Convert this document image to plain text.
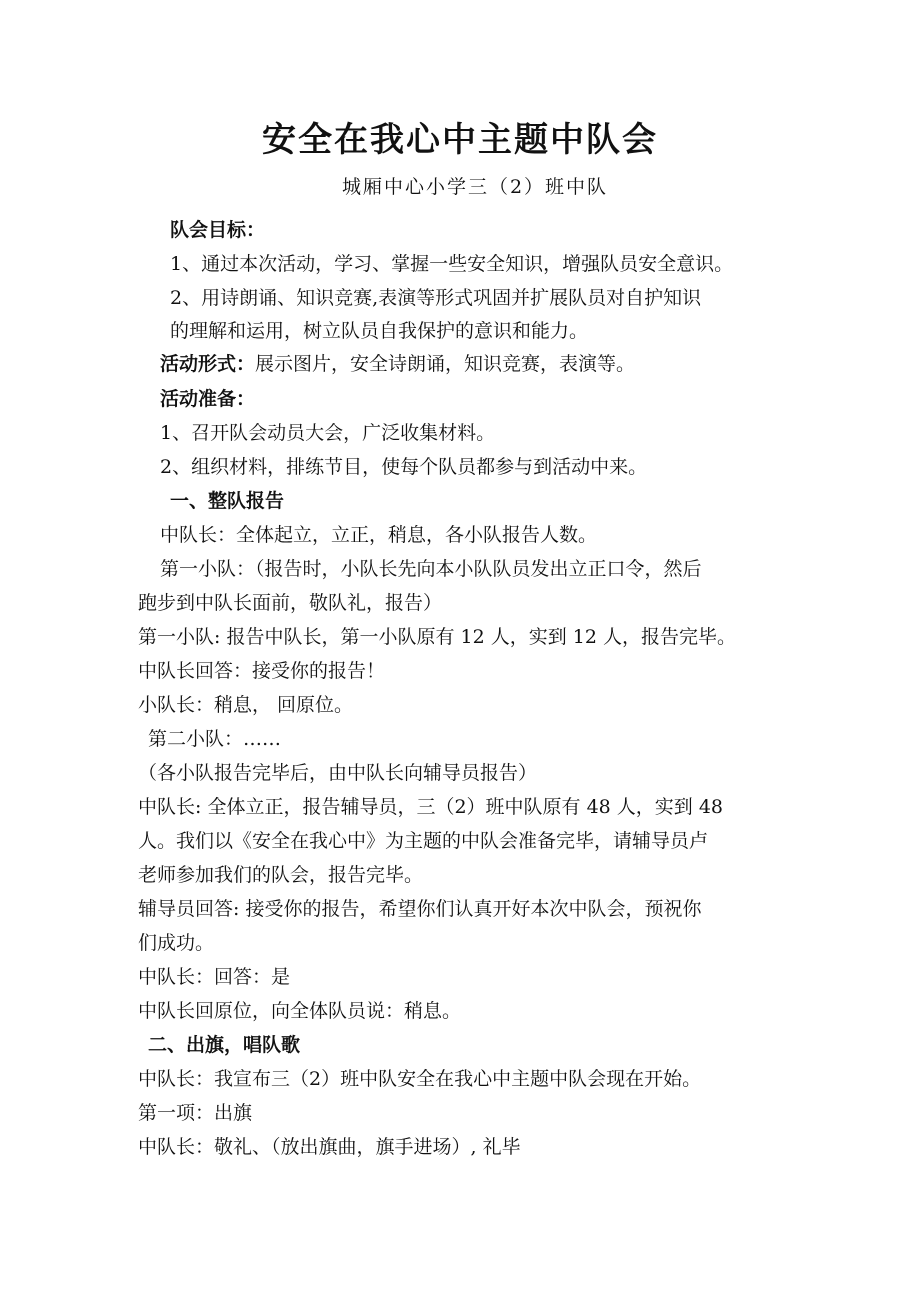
安全在我心中主题中队会
城厢中心小学三（2）班中队
队会目标：
1、通过本次活动，学习、掌握一些安全知识，增强队员安全意识。
2、用诗朗诵、知识竞赛,表演等形式巩固并扩展队员对自护知识
的理解和运用，树立队员自我保护的意识和能力。
活动形式：展示图片，安全诗朗诵，知识竞赛，表演等。
活动准备：
1、召开队会动员大会，广泛收集材料。
2、组织材料，排练节目，使每个队员都参与到活动中来。
一、整队报告
中队长：全体起立，立正，稍息，各小队报告人数。
第一小队：（报告时，小队长先向本小队队员发出立正口令，然后
跑步到中队长面前，敬队礼，报告）
第一小队: 报告中队长，第一小队原有 12 人，实到 12 人，报告完毕。
中队长回答：接受你的报告！
小队长：稍息， 回原位。
第二小队：……
（各小队报告完毕后，由中队长向辅导员报告）
中队长: 全体立正，报告辅导员，三（2）班中队原有 48 人，实到 48
人。我们以《安全在我心中》为主题的中队会准备完毕，请辅导员卢
老师参加我们的队会，报告完毕。
辅导员回答: 接受你的报告，希望你们认真开好本次中队会，预祝你
们成功。
中队长：回答：是
中队长回原位，向全体队员说：稍息。
二、出旗，唱队歌
中队长：我宣布三（2）班中队安全在我心中主题中队会现在开始。
第一项：出旗
中队长：敬礼、（放出旗曲，旗手进场）, 礼毕
